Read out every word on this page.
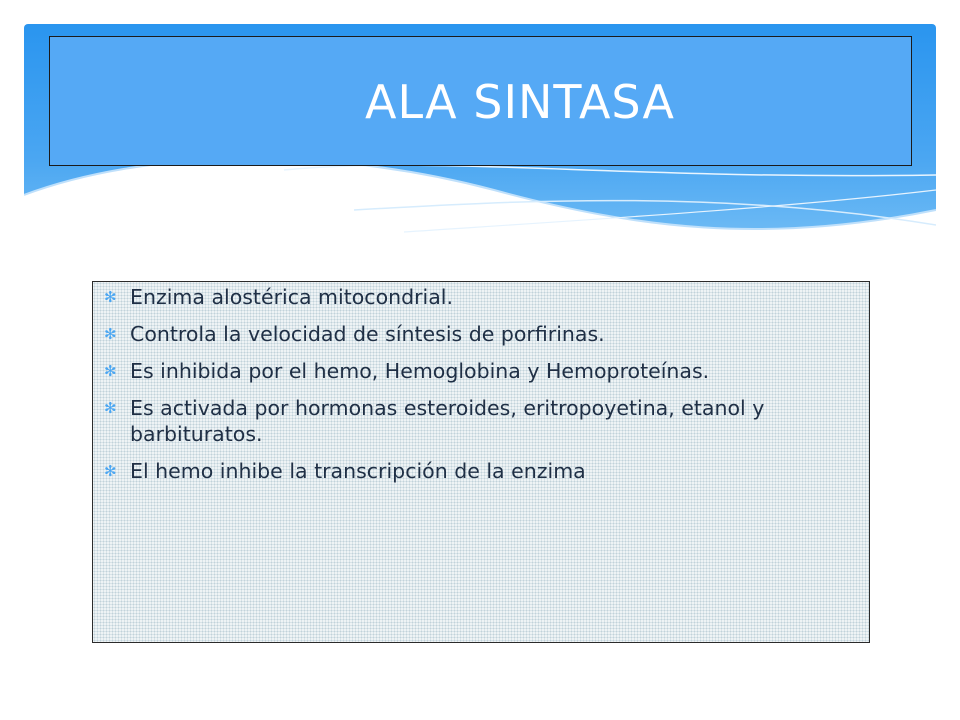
ALA SINTASA
✻ Enzima alostérica mitocondrial.
✻ Controla la velocidad de síntesis de porfirinas.
✻ Es inhibida por el hemo, Hemoglobina y Hemoproteínas.
✻ Es activada por hormonas esteroides, eritropoyetina, etanol y barbituratos.
✻ El hemo inhibe la transcripción de la enzima
